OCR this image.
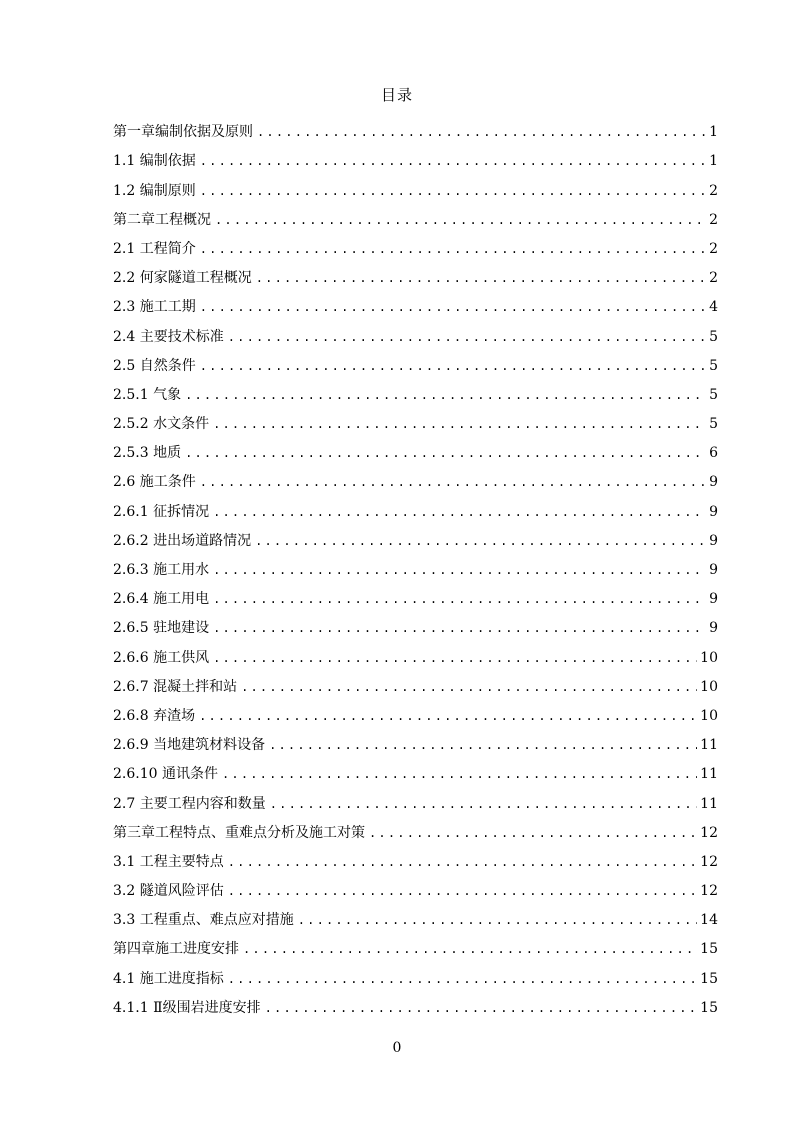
目录
第一章编制依据及原则 .....	1
1.1 编制依据 .....	1
1.2 编制原则 .....	2
第二章工程概况 .....	2
2.1 工程简介 .....	2
2.2 何家隧道工程概况 .....	2
2.3 施工工期 .....	4
2.4 主要技术标准 .....	5
2.5 自然条件 .....	5
2.5.1 气象 .....	5
2.5.2 水文条件 .....	5
2.5.3 地质 .....	6
2.6 施工条件 .....	9
2.6.1 征拆情况 .....	9
2.6.2 进出场道路情况 .....	9
2.6.3 施工用水 .....	9
2.6.4 施工用电 .....	9
2.6.5 驻地建设 .....	9
2.6.6 施工供风 .....	10
2.6.7 混凝土拌和站 .....	10
2.6.8 弃渣场 .....	10
2.6.9 当地建筑材料设备 .....	11
2.6.10 通讯条件 .....	11
2.7 主要工程内容和数量 .....	11
第三章工程特点、重难点分析及施工对策 .....	12
3.1 工程主要特点 .....	12
3.2 隧道风险评估 .....	12
3.3 工程重点、难点应对措施 .....	14
第四章施工进度安排 .....	15
4.1 施工进度指标 .....	15
4.1.1 Ⅱ级围岩进度安排 .....	15
0
